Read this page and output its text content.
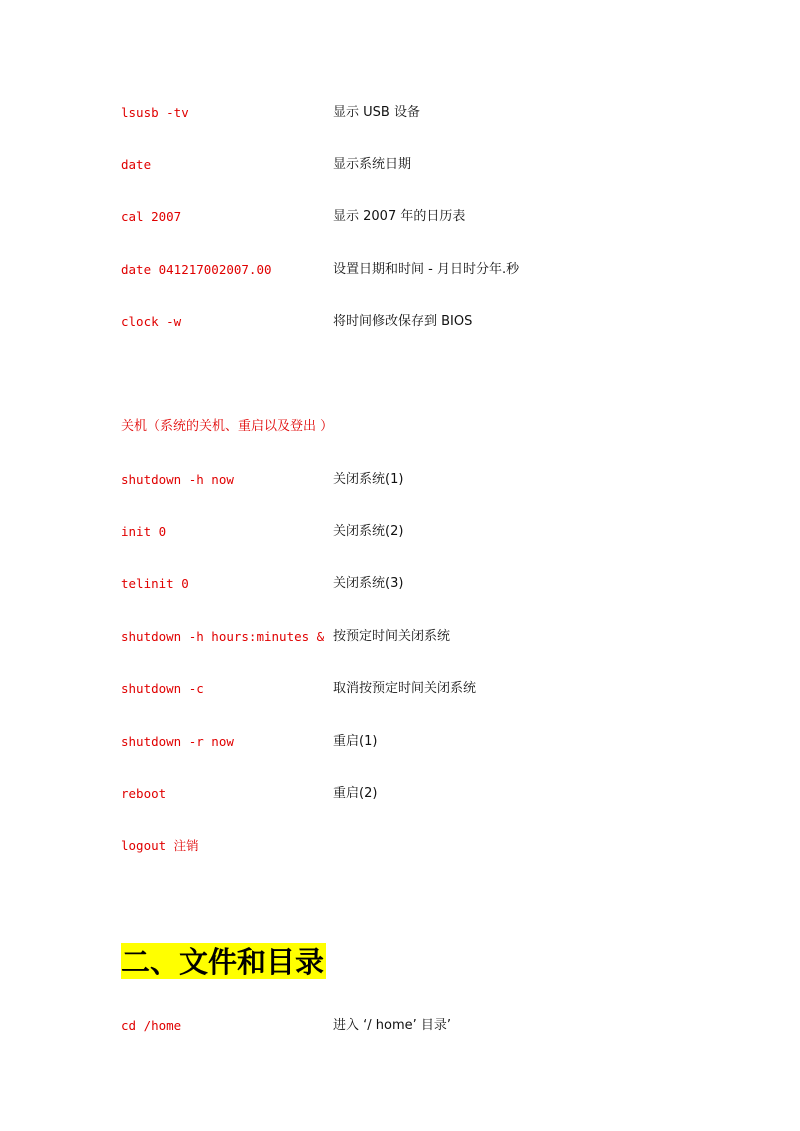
lsusb -tv	显示 USB 设备
date	显示系统日期
cal 2007	显示 2007 年的日历表
date 041217002007.00	设置日期和时间 - 月日时分年.秒
clock -w	将时间修改保存到 BIOS
关机（系统的关机、重启以及登出 ）
shutdown -h now	关闭系统(1)
init 0	关闭系统(2)
telinit 0	关闭系统(3)
shutdown -h hours:minutes & 按预定时间关闭系统
shutdown -c	取消按预定时间关闭系统
shutdown -r now	重启(1)
reboot	重启(2)
logout 注销
二、文件和目录
cd /home	进入 ‘/ home’ 目录’
